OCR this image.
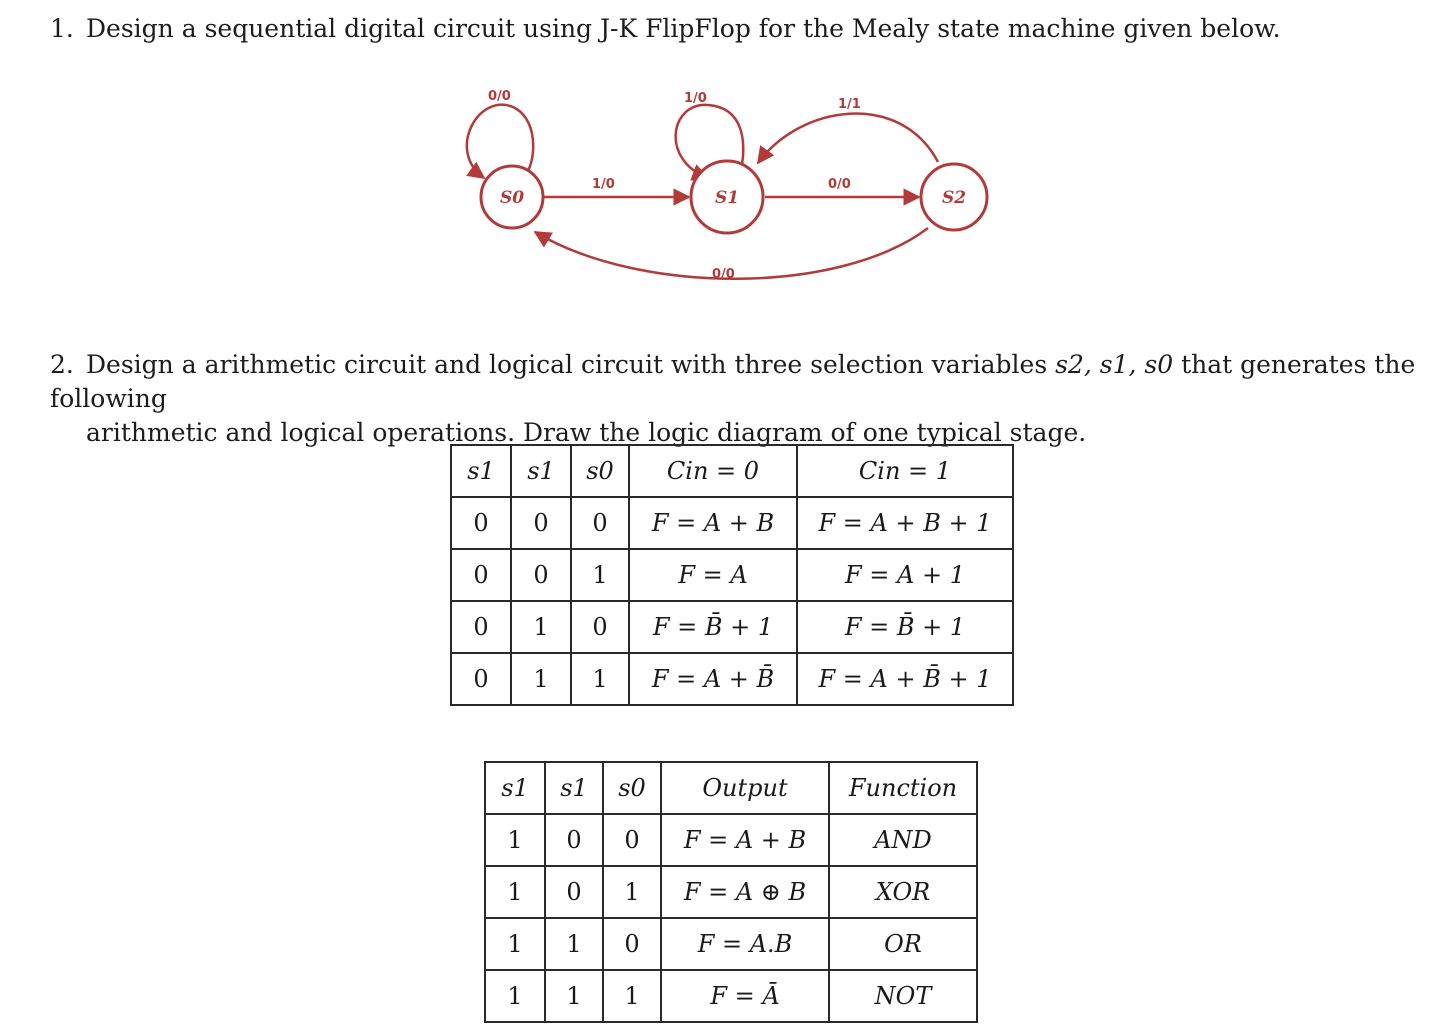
1. Design a sequential digital circuit using J-K FlipFlop for the Mealy state machine given below.
0/0	1/0
1/0	0/0
1/1
0/0
S0	S1	S2
2. Design a arithmetic circuit and logical circuit with three selection variables s2, s1, s0 that generates the following
arithmetic and logical operations. Draw the logic diagram of one typical stage.
s1	s1	s0	Cin = 0	Cin = 1
0	0	0	F = A + B	F = A + B + 1
0	0	1	F = A	F = A + 1
0	1	0	F = B̄ + 1	F = B̄ + 1
0	1	1	F = A + B̄	F = A + B̄ + 1
s1	s1	s0	Output	Function
1	0	0	F = A + B	AND
1	0	1	F = A ⊕ B	XOR
1	1	0	F = A.B	OR
1	1	1	F = Ā	NOT
